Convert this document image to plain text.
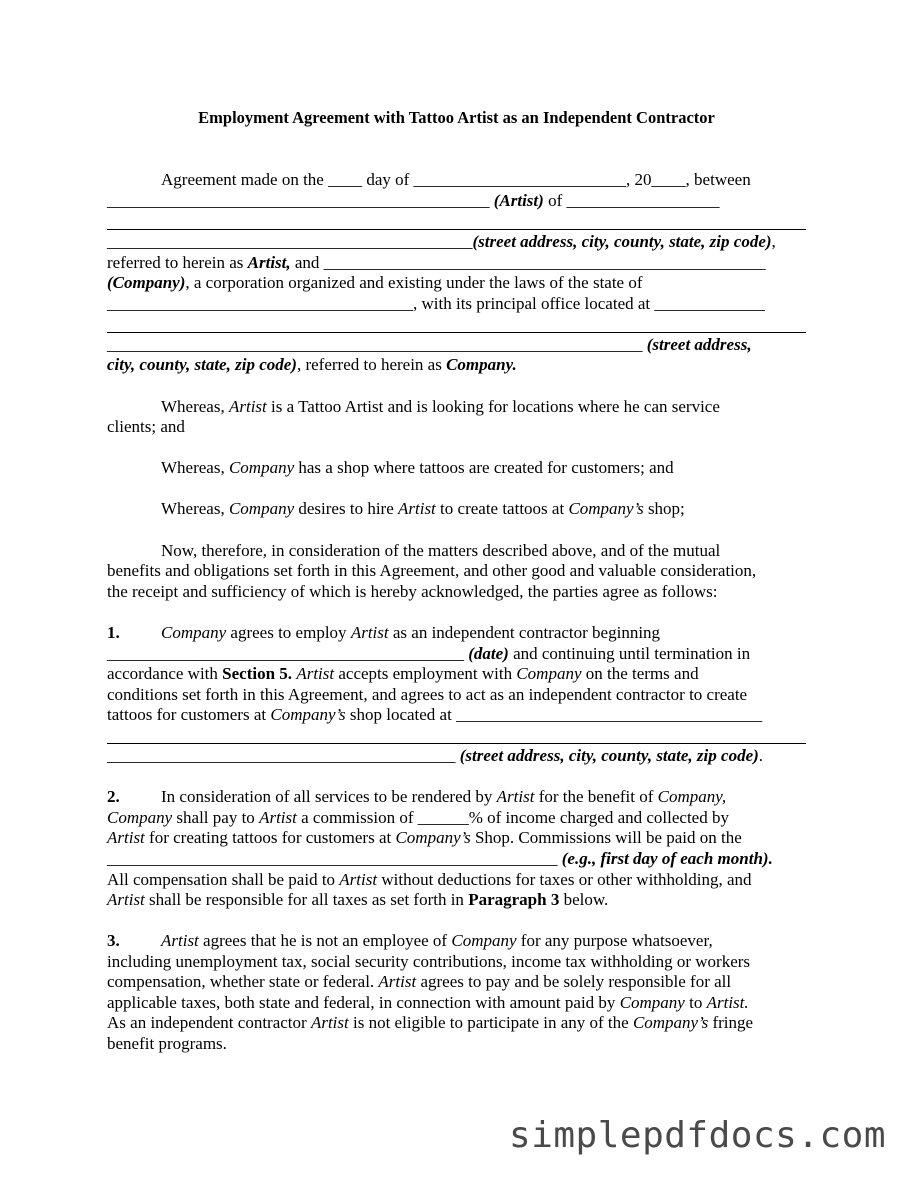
Employment Agreement with Tattoo Artist as an Independent Contractor
Agreement made on the ____ day of _________________________, 20____, between
_____________________________________________ (Artist) of __________________
___________________________________________(street address, city, county, state, zip code),
referred to herein as Artist, and ____________________________________________________
(Company), a corporation organized and existing under the laws of the state of
____________________________________, with its principal office located at _____________
_______________________________________________________________ (street address,
city, county, state, zip code), referred to herein as Company.
Whereas, Artist is a Tattoo Artist and is looking for locations where he can service
clients; and
Whereas, Company has a shop where tattoos are created for customers; and
Whereas, Company desires to hire Artist to create tattoos at Company’s shop;
Now, therefore, in consideration of the matters described above, and of the mutual
benefits and obligations set forth in this Agreement, and other good and valuable consideration,
the receipt and sufficiency of which is hereby acknowledged, the parties agree as follows:
1. Company agrees to employ Artist as an independent contractor beginning
__________________________________________ (date) and continuing until termination in
accordance with Section 5. Artist accepts employment with Company on the terms and
conditions set forth in this Agreement, and agrees to act as an independent contractor to create
tattoos for customers at Company’s shop located at ____________________________________
_________________________________________ (street address, city, county, state, zip code).
2. In consideration of all services to be rendered by Artist for the benefit of Company,
Company shall pay to Artist a commission of ______% of income charged and collected by
Artist for creating tattoos for customers at Company’s Shop. Commissions will be paid on the
_____________________________________________________ (e.g., first day of each month).
All compensation shall be paid to Artist without deductions for taxes or other withholding, and
Artist shall be responsible for all taxes as set forth in Paragraph 3 below.
3. Artist agrees that he is not an employee of Company for any purpose whatsoever,
including unemployment tax, social security contributions, income tax withholding or workers
compensation, whether state or federal. Artist agrees to pay and be solely responsible for all
applicable taxes, both state and federal, in connection with amount paid by Company to Artist.
As an independent contractor Artist is not eligible to participate in any of the Company’s fringe
benefit programs.
simplepdfdocs.com
